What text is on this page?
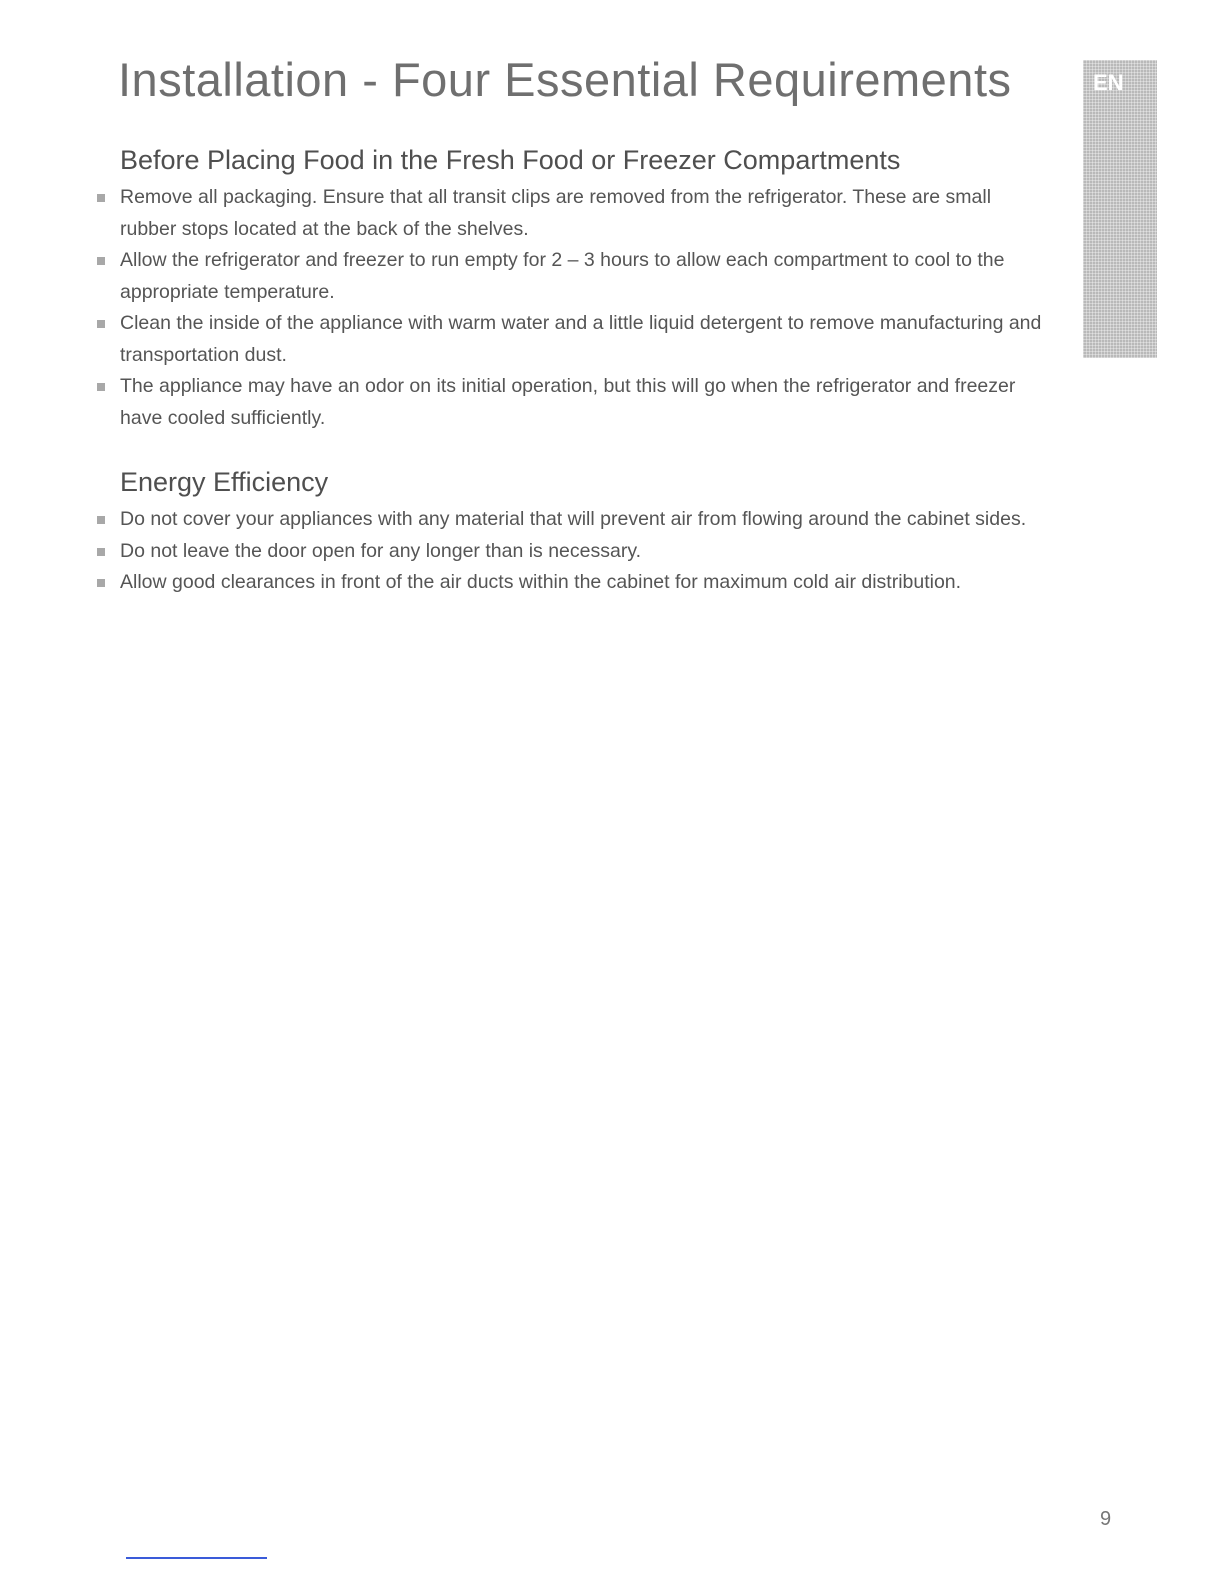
Installation - Four Essential Requirements	EN
Before Placing Food in the Fresh Food or Freezer Compartments
Remove all packaging. Ensure that all transit clips are removed from the refrigerator. These are small rubber stops located at the back of the shelves.
Allow the refrigerator and freezer to run empty for 2 – 3 hours to allow each compartment to cool to the appropriate temperature.
Clean the inside of the appliance with warm water and a little liquid detergent to remove manufacturing and transportation dust.
The appliance may have an odor on its initial operation, but this will go when the refrigerator and freezer have cooled sufficiently.
Energy Efficiency
Do not cover your appliances with any material that will prevent air from flowing around the cabinet sides.
Do not leave the door open for any longer than is necessary.
Allow good clearances in front of the air ducts within the cabinet for maximum cold air distribution.
9
